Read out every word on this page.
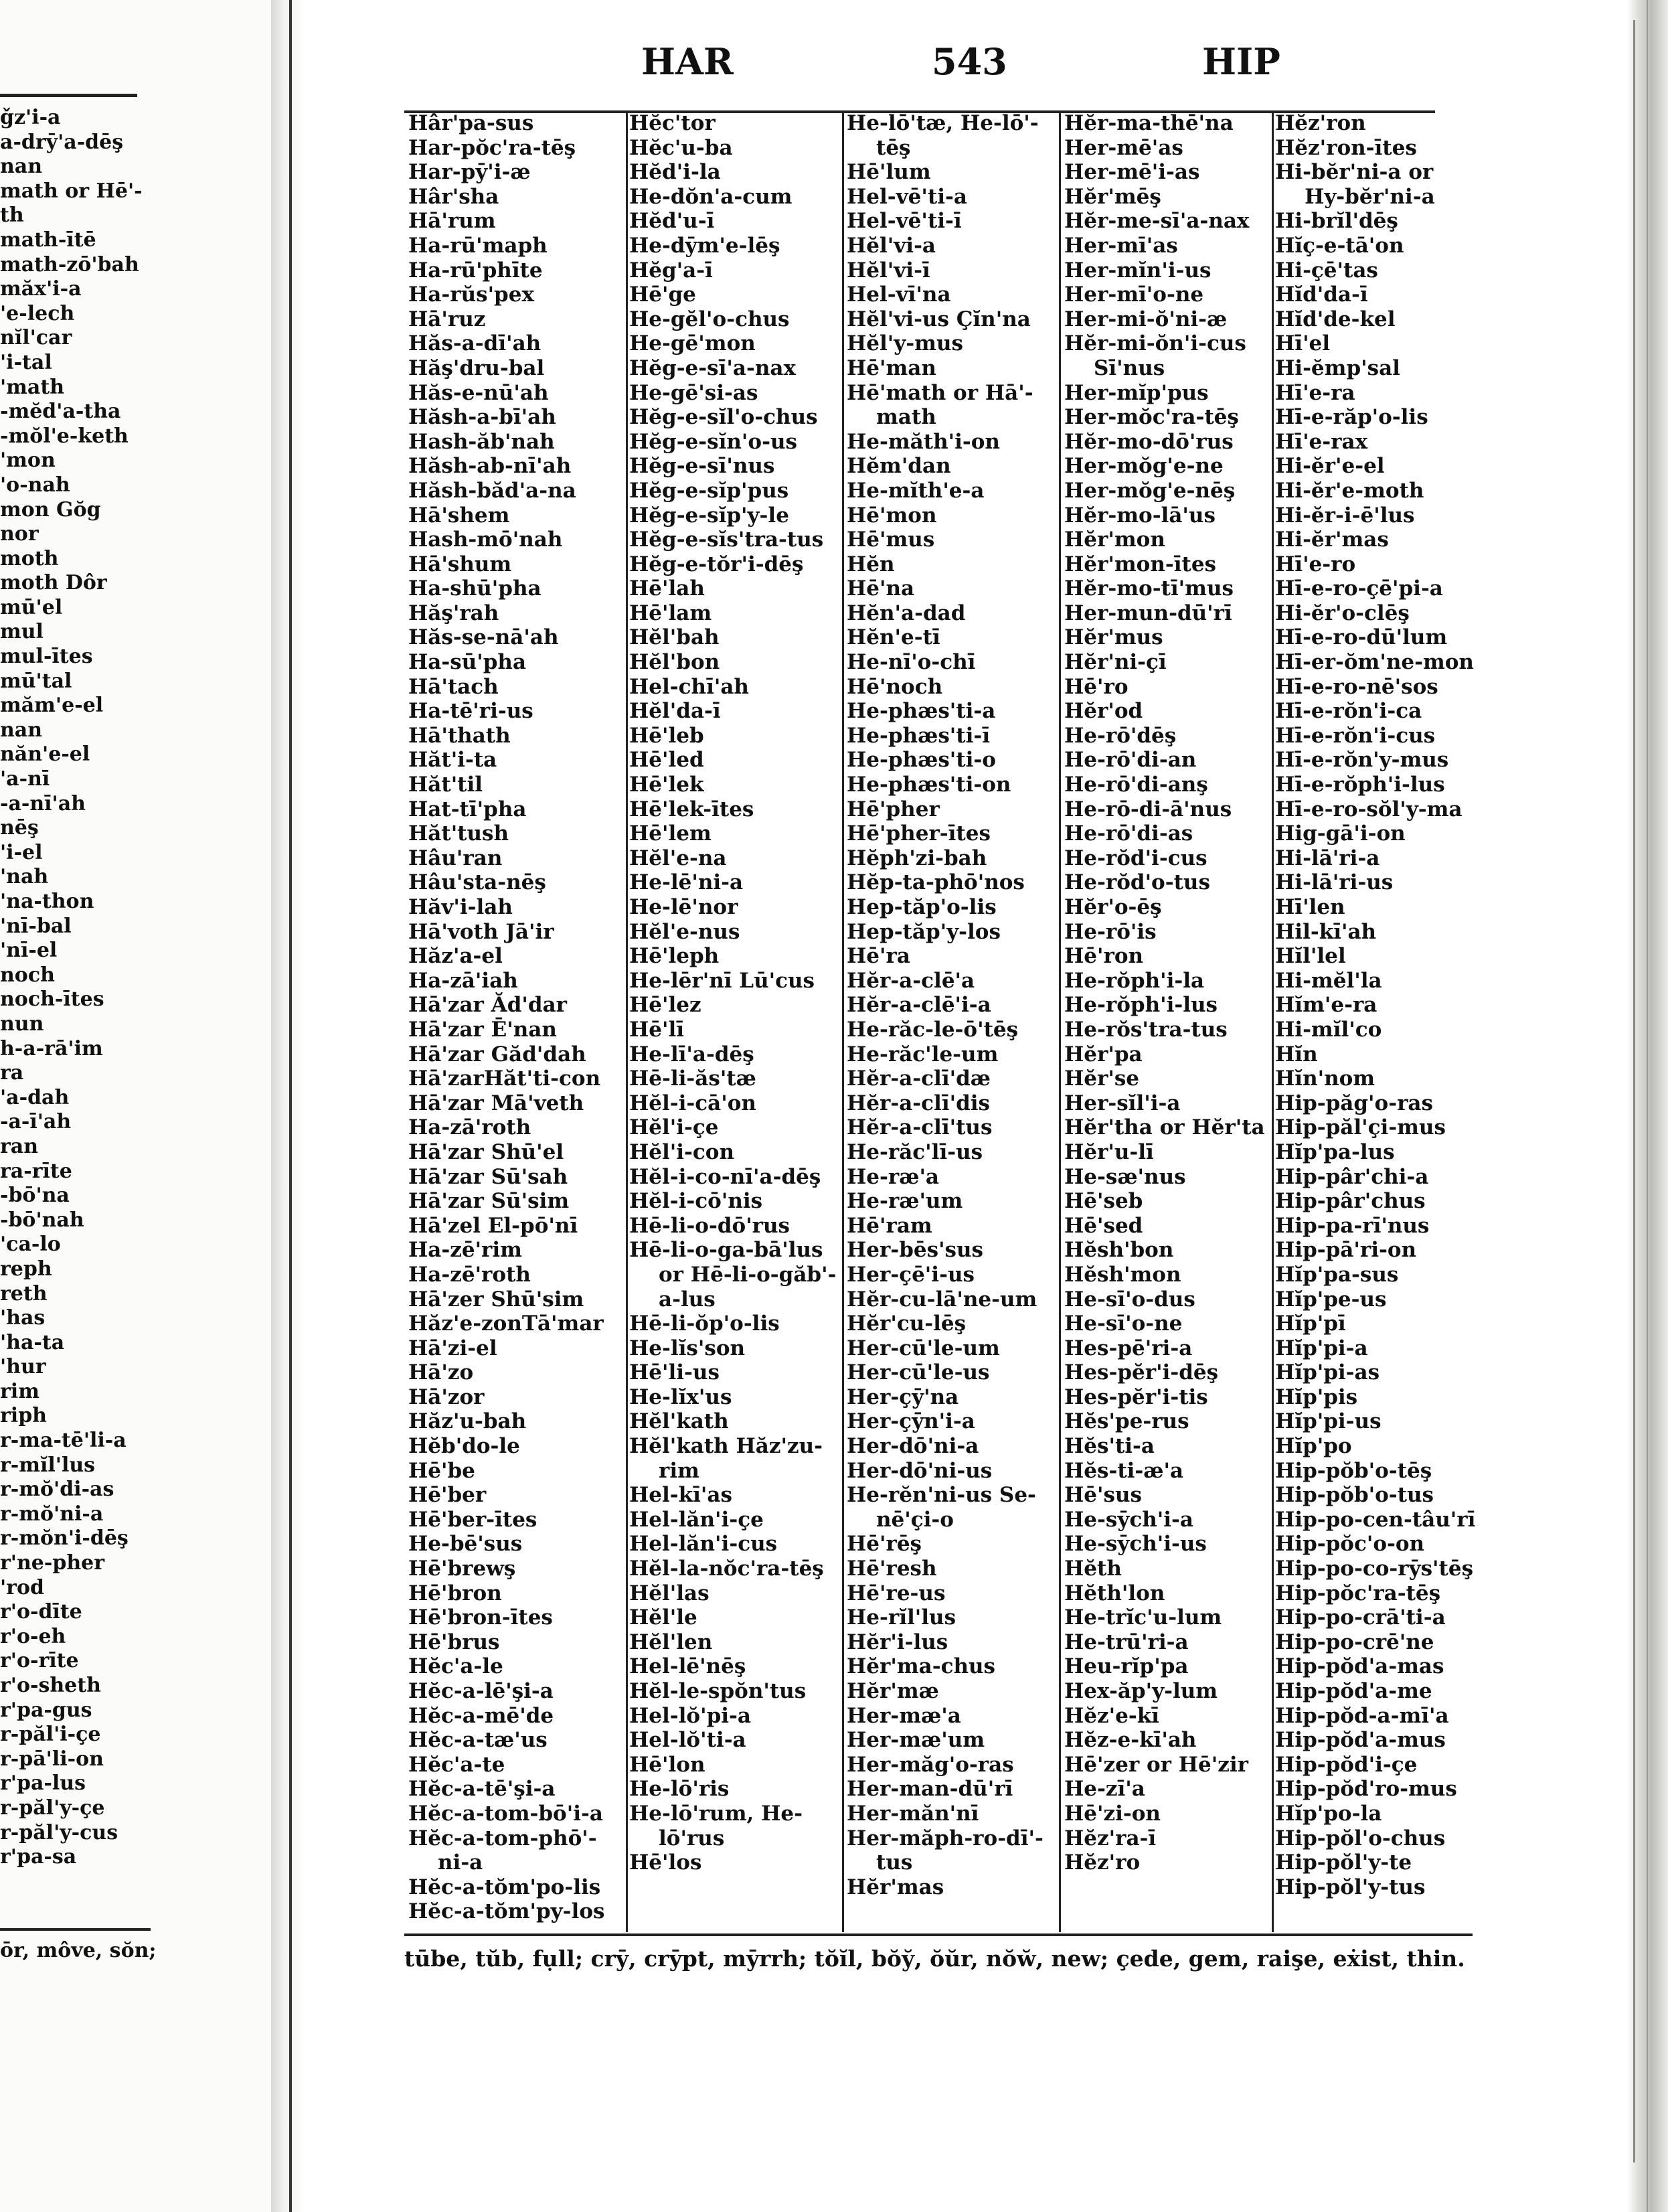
ǧz'i-a
a-drȳ'a-dēş
nan
math or Hē'-
th
math-ītē
math-zō'bah
măx'i-a
'e-lech
nĭl'car
'i-tal
'math
-mĕd'a-tha
-mŏl'e-keth
'mon
'o-nah
mon Gŏg
nor
moth
moth Dôr
mū'el
mul
mul-ītes
mū'tal
măm'e-el
nan
năn'e-el
'a-nī
-a-nī'ah
nēş
'i-el
'nah
'na-thon
'nī-bal
'nī-el
noch
noch-ītes
nun
h-a-rā'im
ra
'a-dah
-a-ī'ah
ran
ra-rīte
-bō'na
-bō'nah
'ca-lo
reph
reth
'has
'ha-ta
'hur
rim
riph
r-ma-tē'li-a
r-mĭl'lus
r-mŏ'di-as
r-mŏ'ni-a
r-mŏn'i-dēş
r'ne-pher
'rod
r'o-dīte
r'o-eh
r'o-rīte
r'o-sheth
r'pa-gus
r-păl'i-çe
r-pā'li-on
r'pa-lus
r-păl'y-çe
r-păl'y-cus
r'pa-sa
ōr, môve, sŏn;
HAR	543	HIP
Hâr'pa-sus
Har-pŏc'ra-tēş
Har-pȳ'i-æ
Hâr'sha
Hā'rum
Ha-rū'maph
Ha-rū'phīte
Ha-rŭs'pex
Hā'ruz
Hăs-a-dī'ah
Hăş'dru-bal
Hăs-e-nū'ah
Hăsh-a-bī'ah
Hash-ăb'nah
Hăsh-ab-nī'ah
Hăsh-băd'a-na
Hā'shem
Hash-mō'nah
Hā'shum
Ha-shū'pha
Hăş'rah
Hăs-se-nā'ah
Ha-sū'pha
Hā'tach
Ha-tē'ri-us
Hā'thath
Hăt'i-ta
Hăt'til
Hat-tī'pha
Hăt'tush
Hâu'ran
Hâu'sta-nēş
Hăv'i-lah
Hā'voth Jā'ir
Hăz'a-el
Ha-zā'iah
Hā'zar Ăd'dar
Hā'zar Ē'nan
Hā'zar Găd'dah
Hā'zarHăt'ti-con
Hā'zar Mā'veth
Ha-zā'roth
Hā'zar Shū'el
Hā'zar Sū'sah
Hā'zar Sū'sim
Hā'zel El-pō'nī
Ha-zē'rim
Ha-zē'roth
Hā'zer Shū'sim
Hăz'e-zonTā'mar
Hā'zi-el
Hā'zo
Hā'zor
Hăz'u-bah
Hĕb'do-le
Hē'be
Hē'ber
Hē'ber-ītes
He-bē'sus
Hē'brewş
Hē'bron
Hē'bron-ītes
Hē'brus
Hĕc'a-le
Hĕc-a-lē'şi-a
Hĕc-a-mē'de
Hĕc-a-tæ'us
Hĕc'a-te
Hĕc-a-tē'şi-a
Hĕc-a-tom-bō'i-a
Hĕc-a-tom-phō'-
ni-a
Hĕc-a-tŏm'po-lis
Hĕc-a-tŏm'py-los
Hĕc'tor
Hĕc'u-ba
Hĕd'i-la
He-dŏn'a-cum
Hĕd'u-ī
He-dȳm'e-lēş
Hĕg'a-ī
Hē'ge
He-gĕl'o-chus
He-gē'mon
Hĕg-e-sī'a-nax
He-gē'si-as
Hĕg-e-sĭl'o-chus
Hĕg-e-sĭn'o-us
Hĕg-e-sī'nus
Hĕg-e-sĭp'pus
Hĕg-e-sĭp'y-le
Hĕg-e-sĭs'tra-tus
Hĕg-e-tŏr'i-dēş
Hē'lah
Hē'lam
Hĕl'bah
Hĕl'bon
Hel-chī'ah
Hĕl'da-ī
Hē'leb
Hē'led
Hē'lek
Hē'lek-ītes
Hē'lem
Hĕl'e-na
He-lē'ni-a
He-lē'nor
Hĕl'e-nus
Hē'leph
He-lēr'nī Lū'cus
Hē'lez
Hē'lī
He-lī'a-dēş
Hē-li-ăs'tæ
Hĕl-i-cā'on
Hĕl'i-çe
Hĕl'i-con
Hĕl-i-co-nī'a-dēş
Hĕl-i-cō'nis
Hē-li-o-dō'rus
Hē-li-o-ga-bā'lus
or Hē-li-o-găb'-
a-lus
Hē-li-ŏp'o-lis
He-lĭs'son
Hē'li-us
He-lĭx'us
Hĕl'kath
Hĕl'kath Hăz'zu-
rim
Hel-kī'as
Hel-lăn'i-çe
Hel-lăn'i-cus
Hĕl-la-nŏc'ra-tēş
Hĕl'las
Hĕl'le
Hĕl'len
Hel-lē'nēş
Hĕl-le-spŏn'tus
Hel-lŏ'pi-a
Hel-lŏ'ti-a
Hē'lon
He-lō'ris
He-lō'rum, He-
lō'rus
Hē'los
He-lō'tæ, He-lō'-
tēş
Hē'lum
Hel-vē'ti-a
Hel-vē'ti-ī
Hĕl'vi-a
Hĕl'vi-ī
Hel-vī'na
Hĕl'vi-us Çĭn'na
Hĕl'y-mus
Hē'man
Hē'math or Hā'-
math
He-măth'i-on
Hĕm'dan
He-mĭth'e-a
Hē'mon
Hē'mus
Hĕn
Hē'na
Hĕn'a-dad
Hĕn'e-tī
He-nī'o-chī
Hē'noch
He-phæs'ti-a
He-phæs'ti-ī
He-phæs'ti-o
He-phæs'ti-on
Hē'pher
Hē'pher-ītes
Hĕph'zi-bah
Hĕp-ta-phō'nos
Hep-tăp'o-lis
Hep-tăp'y-los
Hē'ra
Hĕr-a-clē'a
Hĕr-a-clē'i-a
He-răc-le-ō'tēş
He-răc'le-um
Hĕr-a-clī'dæ
Hĕr-a-clī'dis
Hĕr-a-clī'tus
He-răc'lī-us
He-ræ'a
He-ræ'um
Hē'ram
Her-bēs'sus
Her-çē'i-us
Hĕr-cu-lā'ne-um
Hĕr'cu-lēş
Her-cū'le-um
Her-cū'le-us
Her-çȳ'na
Her-çȳn'i-a
Her-dō'ni-a
Her-dō'ni-us
He-rĕn'ni-us Se-
nē'çi-o
Hē'rēş
Hē'resh
Hē're-us
He-rĭl'lus
Hĕr'i-lus
Hĕr'ma-chus
Hĕr'mæ
Her-mæ'a
Her-mæ'um
Her-măg'o-ras
Her-man-dū'rī
Her-măn'nī
Her-măph-ro-dī'-
tus
Hĕr'mas
Hĕr-ma-thē'na
Her-mē'as
Her-mē'i-as
Hĕr'mēş
Hĕr-me-sī'a-nax
Her-mī'as
Her-mĭn'i-us
Her-mī'o-ne
Her-mi-ŏ'ni-æ
Hĕr-mi-ŏn'i-cus
Sī'nus
Her-mĭp'pus
Her-mŏc'ra-tēş
Hĕr-mo-dō'rus
Her-mŏg'e-ne
Her-mŏg'e-nēş
Hĕr-mo-lā'us
Hĕr'mon
Hĕr'mon-ītes
Hĕr-mo-tī'mus
Her-mun-dū'rī
Hĕr'mus
Hĕr'ni-çī
Hē'ro
Hĕr'od
He-rō'dēş
He-rō'di-an
He-rō'di-anş
He-rō-di-ā'nus
He-rō'di-as
He-rŏd'i-cus
He-rŏd'o-tus
Hĕr'o-ēş
He-rō'is
Hē'ron
He-rŏph'i-la
He-rŏph'i-lus
He-rŏs'tra-tus
Hĕr'pa
Hĕr'se
Her-sĭl'i-a
Hĕr'tha or Hĕr'ta
Hĕr'u-lī
He-sæ'nus
Hē'seb
Hē'sed
Hĕsh'bon
Hĕsh'mon
He-sī'o-dus
He-sī'o-ne
Hes-pē'ri-a
Hes-pĕr'i-dēş
Hes-pĕr'i-tis
Hĕs'pe-rus
Hĕs'ti-a
Hĕs-ti-æ'a
Hē'sus
He-sȳch'i-a
He-sȳch'i-us
Hĕth
Hĕth'lon
He-trĭc'u-lum
He-trū'ri-a
Heu-rĭp'pa
Hex-ăp'y-lum
Hĕz'e-kī
Hĕz-e-kī'ah
Hē'zer or Hē'zir
He-zī'a
Hē'zi-on
Hĕz'ra-ī
Hĕz'ro
Hĕz'ron
Hĕz'ron-ītes
Hi-bĕr'ni-a or
Hy-bĕr'ni-a
Hi-brĭl'dēş
Hĭç-e-tā'on
Hi-çē'tas
Hĭd'da-ī
Hĭd'de-kel
Hī'el
Hi-ĕmp'sal
Hī'e-ra
Hī-e-răp'o-lis
Hī'e-rax
Hi-ĕr'e-el
Hi-ĕr'e-moth
Hi-ĕr-i-ē'lus
Hi-ĕr'mas
Hī'e-ro
Hī-e-ro-çē'pi-a
Hi-ĕr'o-clēş
Hī-e-ro-dū'lum
Hī-er-ŏm'ne-mon
Hī-e-ro-nē'sos
Hī-e-rŏn'i-ca
Hī-e-rŏn'i-cus
Hī-e-rŏn'y-mus
Hī-e-rŏph'i-lus
Hī-e-ro-sŏl'y-ma
Hig-gā'i-on
Hi-lā'ri-a
Hi-lā'ri-us
Hī'len
Hil-kī'ah
Hĭl'lel
Hi-mĕl'la
Hĭm'e-ra
Hi-mĭl'co
Hĭn
Hĭn'nom
Hip-păg'o-ras
Hip-păl'çi-mus
Hĭp'pa-lus
Hip-pâr'chi-a
Hip-pâr'chus
Hip-pa-rī'nus
Hip-pā'ri-on
Hĭp'pa-sus
Hĭp'pe-us
Hĭp'pī
Hĭp'pi-a
Hĭp'pi-as
Hĭp'pis
Hĭp'pi-us
Hĭp'po
Hip-pŏb'o-tēş
Hip-pŏb'o-tus
Hip-po-cen-tâu'rī
Hip-pŏc'o-on
Hip-po-co-rȳs'tēş
Hip-pŏc'ra-tēş
Hip-po-crā'ti-a
Hip-po-crē'ne
Hip-pŏd'a-mas
Hip-pŏd'a-me
Hip-pŏd-a-mī'a
Hip-pŏd'a-mus
Hip-pŏd'i-çe
Hip-pŏd'ro-mus
Hĭp'po-la
Hip-pŏl'o-chus
Hip-pŏl'y-te
Hip-pŏl'y-tus
tūbe, tŭb, fụll; crȳ, crȳpt, mȳrrh; tŏĭl, bŏy̆, ŏŭr, nŏw̆, new; çede, gem, raişe, eẋist, thin.
